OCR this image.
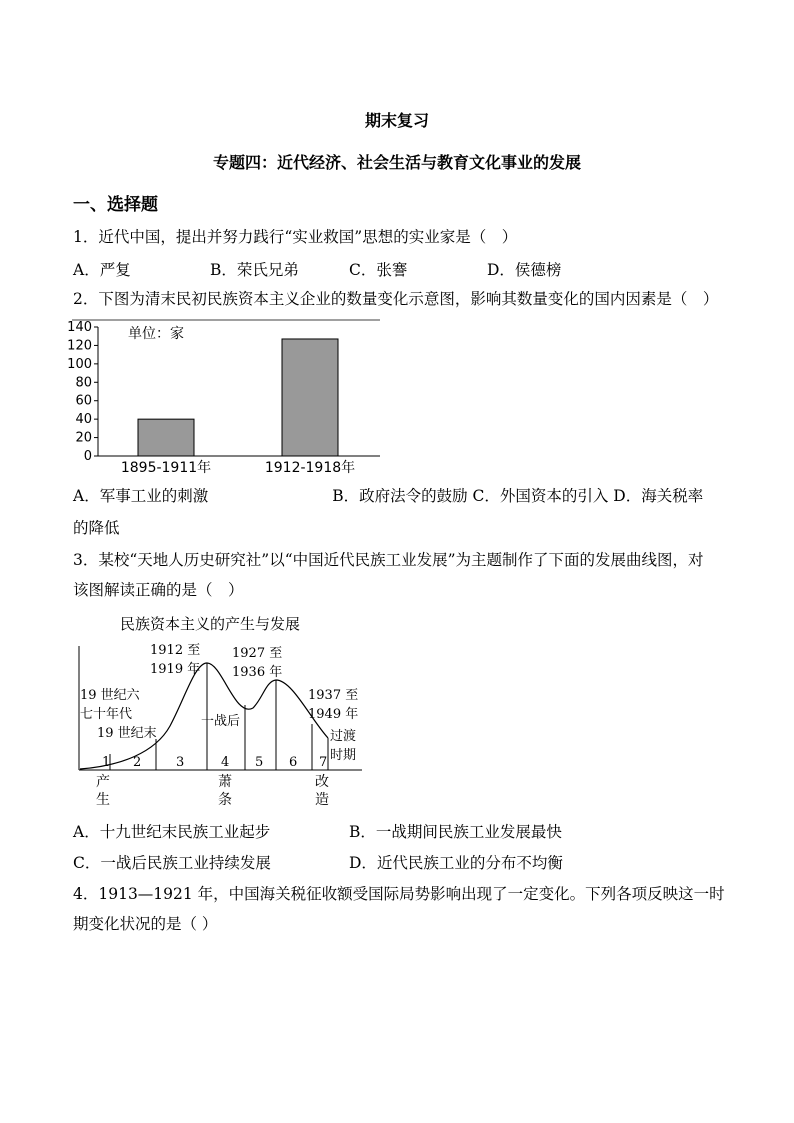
期末复习
专题四：近代经济、社会生活与教育文化事业的发展
一、选择题
1．近代中国，提出并努力践行“实业救国”思想的实业家是（　）
A．严复	B．荣氏兄弟	C．张謇	D．侯德榜
2．下图为清末民初民族资本主义企业的数量变化示意图，影响其数量变化的国内因素是（　）
0
20
40
60
80
100
120
140
1895-1911年	1912-1918年
单位：家
A．军事工业的刺激　　　　　　　　B．政府法令的鼓励 C．外国资本的引入 D．海关税率
的降低
3．某校“天地人历史研究社”以“中国近代民族工业发展”为主题制作了下面的发展曲线图，对
该图解读正确的是（　）
民族资本主义的产生与发展
1 2	3	4 5 6 7
19 世纪六七十年代
19 世纪末
1912 至 1919 年
一战后
1927 至 1936 年
1937 至 1949 年
过渡时期
产生
萧条
改造
A．十九世纪末民族工业起步	B．一战期间民族工业发展最快
C．一战后民族工业持续发展	D．近代民族工业的分布不均衡
4．1913—1921 年，中国海关税征收额受国际局势影响出现了一定变化。下列各项反映这一时
期变化状况的是（ ）
